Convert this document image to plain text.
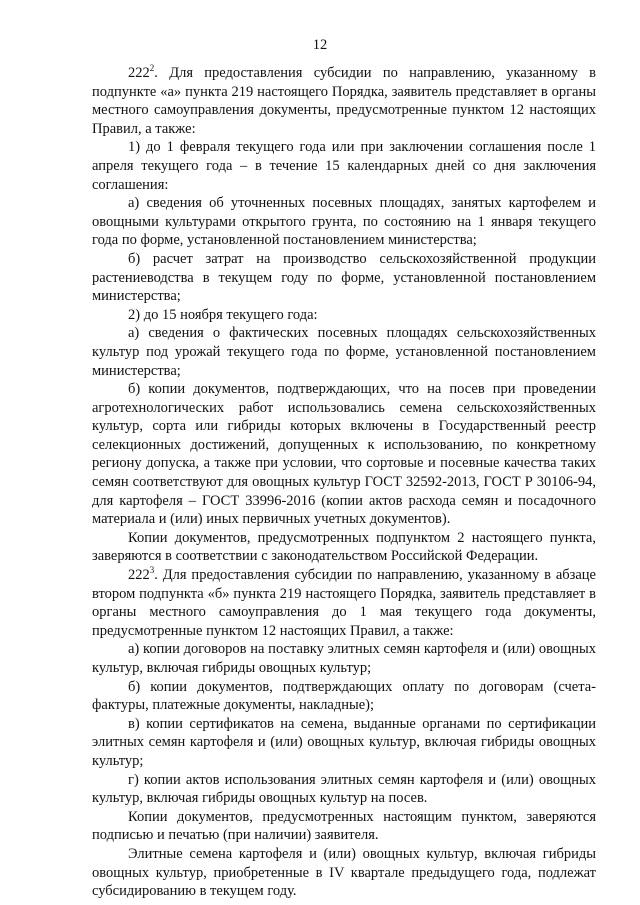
12

$222^2$. Для предоставления субсидии по направлению, указанному в подпункте «а» пункта 219 настоящего Порядка, заявитель представляет в органы местного самоуправления документы, предусмотренные пунктом 12 настоящих Правил, а также:

1) до 1 февраля текущего года или при заключении соглашения после 1 апреля текущего года – в течение 15 календарных дней со дня заключения соглашения:

а) сведения об уточненных посевных площадях, занятых картофелем и овощными культурами открытого грунта, по состоянию на 1 января текущего года по форме, установленной постановлением министерства;

б) расчет затрат на производство сельскохозяйственной продукции растениеводства в текущем году по форме, установленной постановлением министерства;

2) до 15 ноября текущего года:

а) сведения о фактических посевных площадях сельскохозяйственных культур под урожай текущего года по форме, установленной постановлением министерства;

б) копии документов, подтверждающих, что на посев при проведении агротехнологических работ использовались семена сельскохозяйственных культур, сорта или гибриды которых включены в Государственный реестр селекционных достижений, допущенных к использованию, по конкретному региону допуска, а также при условии, что сортовые и посевные качества таких семян соответствуют для овощных культур ГОСТ 32592-2013, ГОСТ Р 30106-94, для картофеля – ГОСТ 33996-2016 (копии актов расхода семян и посадочного материала и (или) иных первичных учетных документов).

Копии документов, предусмотренных подпунктом 2 настоящего пункта, заверяются в соответствии с законодательством Российской Федерации.

$222^3$. Для предоставления субсидии по направлению, указанному в абзаце втором подпункта «б» пункта 219 настоящего Порядка, заявитель представляет в органы местного самоуправления до 1 мая текущего года документы, предусмотренные пунктом 12 настоящих Правил, а также:

а) копии договоров на поставку элитных семян картофеля и (или) овощных культур, включая гибриды овощных культур;

б) копии документов, подтверждающих оплату по договорам (счета-фактуры, платежные документы, накладные);

в) копии сертификатов на семена, выданные органами по сертификации элитных семян картофеля и (или) овощных культур, включая гибриды овощных культур;

г) копии актов использования элитных семян картофеля и (или) овощных культур, включая гибриды овощных культур на посев.

Копии документов, предусмотренных настоящим пунктом, заверяются подписью и печатью (при наличии) заявителя.

Элитные семена картофеля и (или) овощных культур, включая гибриды овощных культур, приобретенные в IV квартале предыдущего года, подлежат субсидированию в текущем году.
